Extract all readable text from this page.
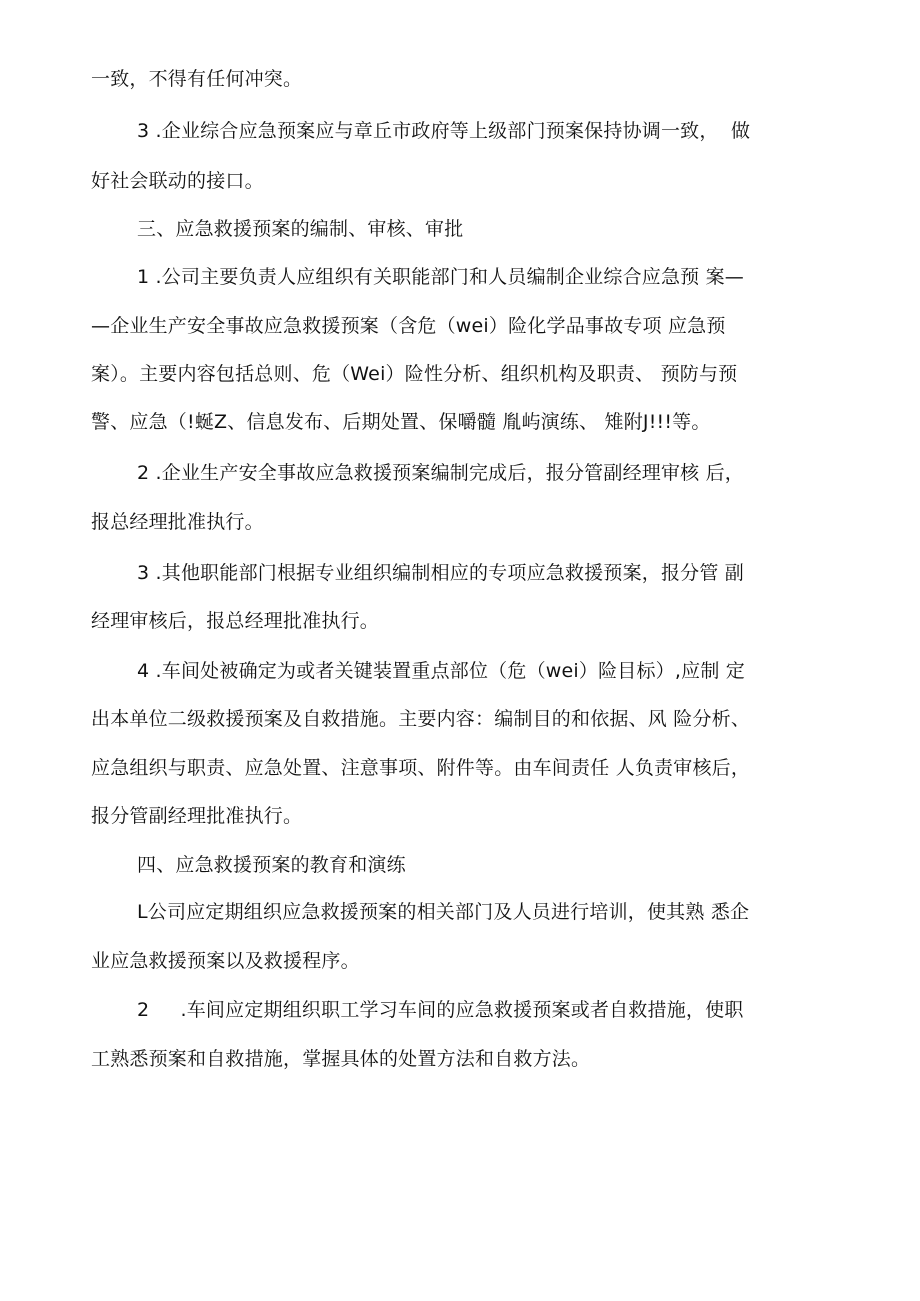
一致，不得有任何冲突。
3 .企业综合应急预案应与章丘市政府等上级部门预案保持协调一致，  做
好社会联动的接口。
三、应急救援预案的编制、审核、审批
1 .公司主要负责人应组织有关职能部门和人员编制企业综合应急预 案—
—企业生产安全事故应急救援预案（含危（wei）险化学品事故专项 应急预
案）。主要内容包括总则、危（Wei）险性分析、组织机构及职责、 预防与预
警、应急（!蜒Z、信息发布、后期处置、保嚼髓 胤屿演练、 雉附J!!!等。
2 .企业生产安全事故应急救援预案编制完成后，报分管副经理审核 后，
报总经理批准执行。
3 .其他职能部门根据专业组织编制相应的专项应急救援预案，报分管 副
经理审核后，报总经理批准执行。
4 .车间处被确定为或者关键装置重点部位（危（wei）险目标）,应制 定
出本单位二级救援预案及自救措施。主要内容：编制目的和依据、风 险分析、
应急组织与职责、应急处置、注意事项、附件等。由车间责任 人负责审核后，
报分管副经理批准执行。
四、应急救援预案的教育和演练
L公司应定期组织应急救援预案的相关部门及人员进行培训，使其熟 悉企
业应急救援预案以及救援程序。
2     .车间应定期组织职工学习车间的应急救援预案或者自救措施，使职
工熟悉预案和自救措施，掌握具体的处置方法和自救方法。
